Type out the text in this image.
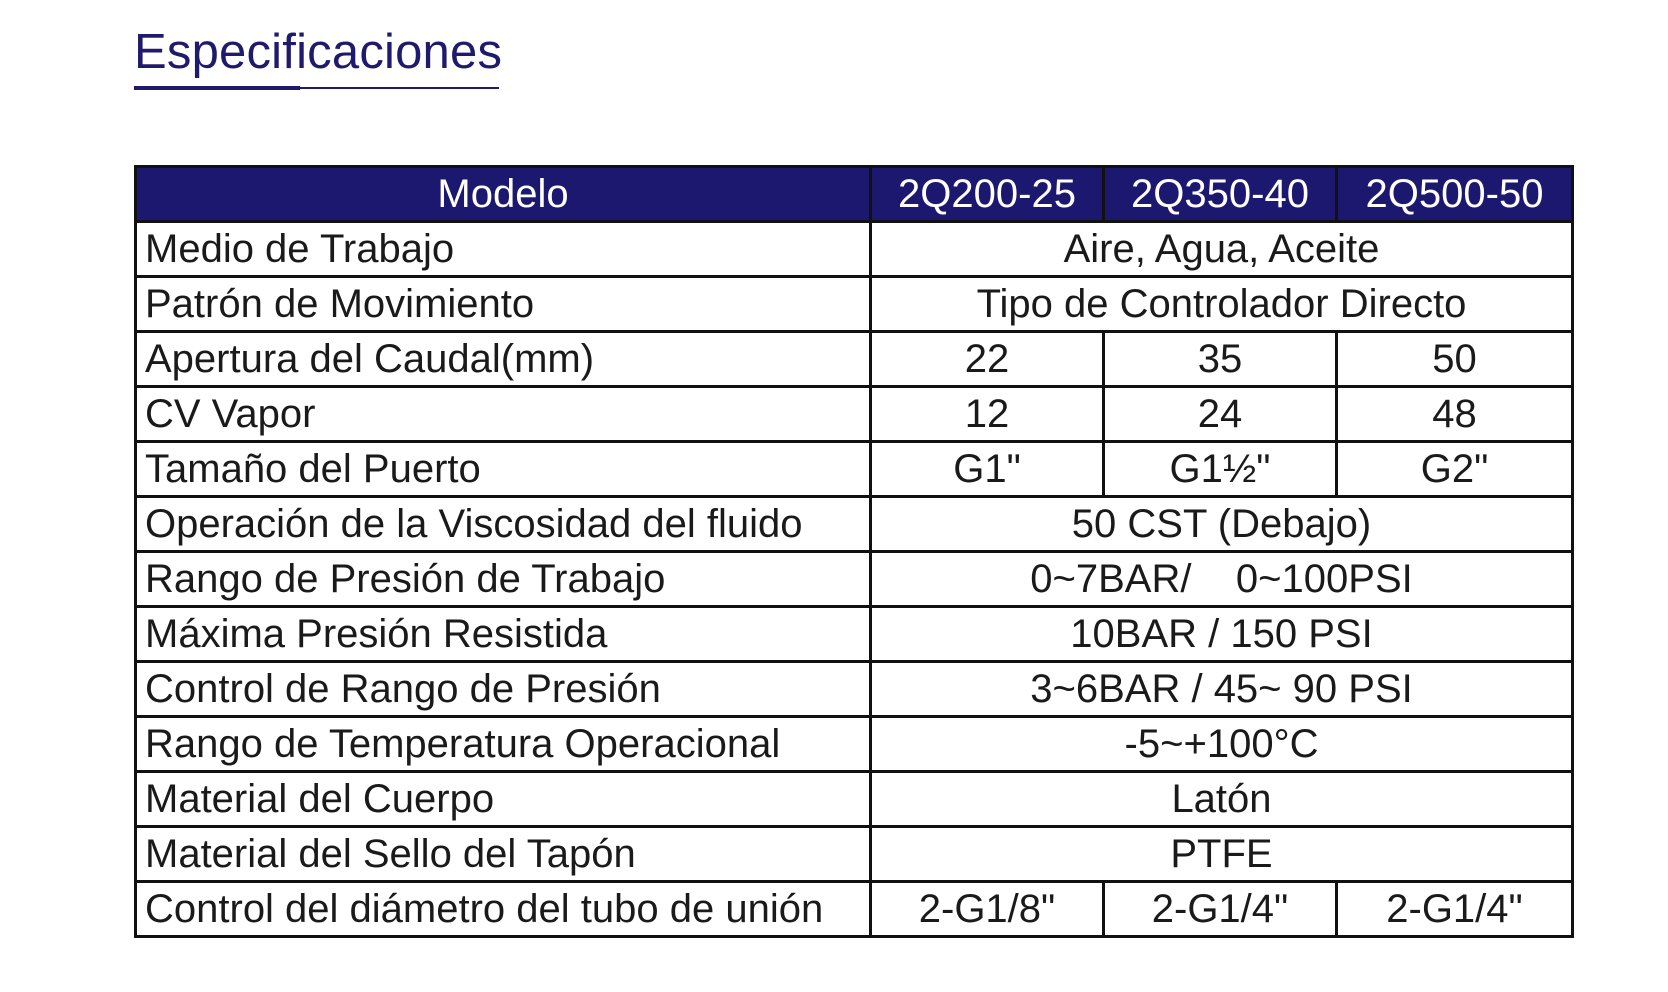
Especificaciones
Modelo	2Q200-25	2Q350-40	2Q500-50
Medio de Trabajo	Aire, Agua, Aceite		
Patrón de Movimiento	Tipo de Controlador Directo		
Apertura del Caudal(mm)	22	35	50
CV Vapor	12	24	48
Tamaño del Puerto	G1"	G1½"	G2"
Operación de la Viscosidad del fluido	50 CST (Debajo)		
Rango de Presión de Trabajo	0~7BAR/    0~100PSI		
Máxima Presión Resistida	10BAR / 150 PSI		
Control de Rango de Presión	3~6BAR / 45~ 90 PSI		
Rango de Temperatura Operacional	-5~+100°C		
Material del Cuerpo	Latón		
Material del Sello del Tapón	PTFE		
Control del diámetro del tubo de unión	2-G1/8"	2-G1/4"	2-G1/4"
